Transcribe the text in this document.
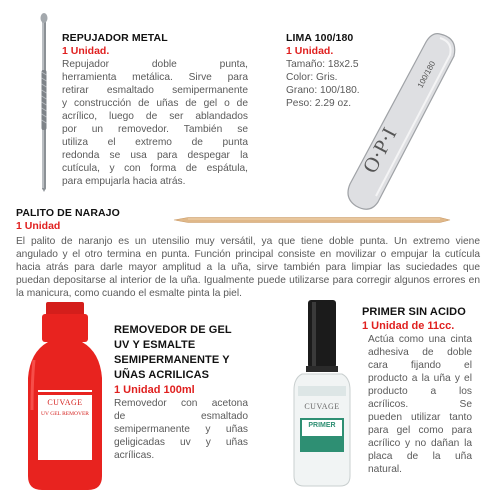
REPUJADOR METAL
1 Unidad.
Repujador doble punta,
herramienta metálica. Sirve para
retirar esmaltado semipermanente
y construcción de uñas de gel o de
acrílico, luego de ser ablandados
por un removedor. También se
utiliza el extremo de punta
redonda se usa para despegar la
cutícula, y con forma de espátula,
para empujarla hacia atrás.
LIMA 100/180
1 Unidad.
Tamaño: 18x2.5
Color: Gris.
Grano: 100/180.
Peso: 2.29 oz.
O·P·I
100/180
PALITO DE NARAJO
1 Unidad
El palito de naranjo es un utensilio muy versátil, ya que tiene doble punta. Un extremo viene
angulado y el otro termina en punta. Función principal consiste en movilizar o empujar la cutícula
hacia atrás para darle mayor amplitud a la uña, sirve también para limpiar las suciedades que
puedan depositarse al interior de la uña. Igualmente puede utilizarse para corregir algunos errores en
la manicura, como cuando el esmalte pinta la piel.
CUVAGE
UV GEL REMOVER
REMOVEDOR DE GEL
UV Y ESMALTE
SEMIPERMANENTE Y
UÑAS ACRILICAS
1 Unidad 100ml
Removedor con acetona
de esmaltado
semipermanente y uñas
geligicadas uv y uñas
acrílicas.
CUVAGE
PRIMER
PRIMER SIN ACIDO
1 Unidad de 11cc.
Actúa como una cinta
adhesiva de doble
cara fijando el
producto a la uña y el
producto a los
acrílicos. Se
pueden utilizar tanto
para gel como para
acrílico y no dañan la
placa de la uña
natural.
